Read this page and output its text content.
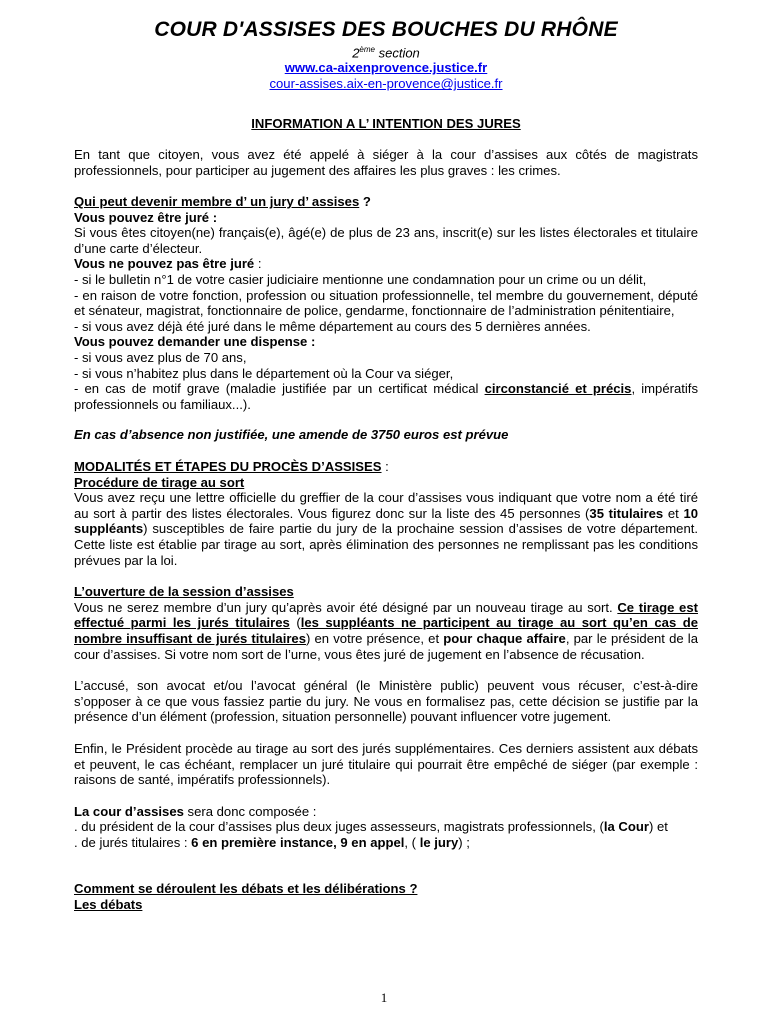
COUR D'ASSISES DES BOUCHES DU RHÔNE
2ème section
www.ca-aixenprovence.justice.fr
cour-assises.aix-en-provence@justice.fr
INFORMATION A L’ INTENTION DES JURES

En tant que citoyen, vous avez été appelé à siéger à la cour d’assises aux côtés de magistrats professionnels, pour participer au jugement des affaires les plus graves : les crimes.

Qui peut devenir membre d’ un jury d’ assises ?

Vous pouvez être juré :

Si vous êtes citoyen(ne) français(e), âgé(e) de plus de 23 ans, inscrit(e) sur les listes électorales et titulaire d’une carte d’électeur.

Vous ne pouvez pas être juré :

- si le bulletin n°1 de votre casier judiciaire mentionne une condamnation pour un crime ou un délit,

- en raison de votre fonction, profession ou situation professionnelle, tel membre du gouvernement, député et sénateur, magistrat, fonctionnaire de police, gendarme, fonctionnaire de l’administration pénitentiaire,

- si vous avez déjà été juré dans le même département au cours des 5 dernières années.

Vous pouvez demander une dispense :

- si vous avez plus de 70 ans,

- si vous n’habitez plus dans le département où la Cour va siéger,

- en cas de motif grave (maladie justifiée par un certificat médical circonstancié et précis, impératifs professionnels ou familiaux...).

En cas d’absence non justifiée, une amende de 3750 euros est prévue

MODALITÉS ET ÉTAPES DU PROCÈS D’ASSISES :

Procédure de tirage au sort

Vous avez reçu une lettre officielle du greffier de la cour d’assises vous indiquant que votre nom a été tiré au sort à partir des listes électorales. Vous figurez donc sur la liste des 45 personnes (35 titulaires et 10 suppléants) susceptibles de faire partie du jury de la prochaine session d’assises de votre département. Cette liste est établie par tirage au sort, après élimination des personnes ne remplissant pas les conditions prévues par la loi.

L’ouverture de la session d’assises

Vous ne serez membre d’un jury qu’après avoir été désigné par un nouveau tirage au sort. Ce tirage est effectué parmi les jurés titulaires (les suppléants ne participent au tirage au sort qu’en cas de nombre insuffisant de jurés titulaires) en votre présence, et pour chaque affaire, par le président de la cour d’assises. Si votre nom sort de l’urne, vous êtes juré de jugement en l’absence de récusation.

L’accusé, son avocat et/ou l’avocat général (le Ministère public) peuvent vous récuser, c’est-à-dire s’opposer à ce que vous fassiez partie du jury. Ne vous en formalisez pas, cette décision se justifie par la présence d’un élément (profession, situation personnelle) pouvant influencer votre jugement.

Enfin, le Président procède au tirage au sort des jurés supplémentaires. Ces derniers assistent aux débats et peuvent, le cas échéant, remplacer un juré titulaire qui pourrait être empêché de siéger (par exemple : raisons de santé, impératifs professionnels).

La cour d’assises sera donc composée :

. du président de la cour d’assises plus deux juges assesseurs, magistrats professionnels, (la Cour) et

. de jurés titulaires : 6 en première instance, 9 en appel, ( le jury) ;

Comment se déroulent les débats et les délibérations ?

Les débats

1
